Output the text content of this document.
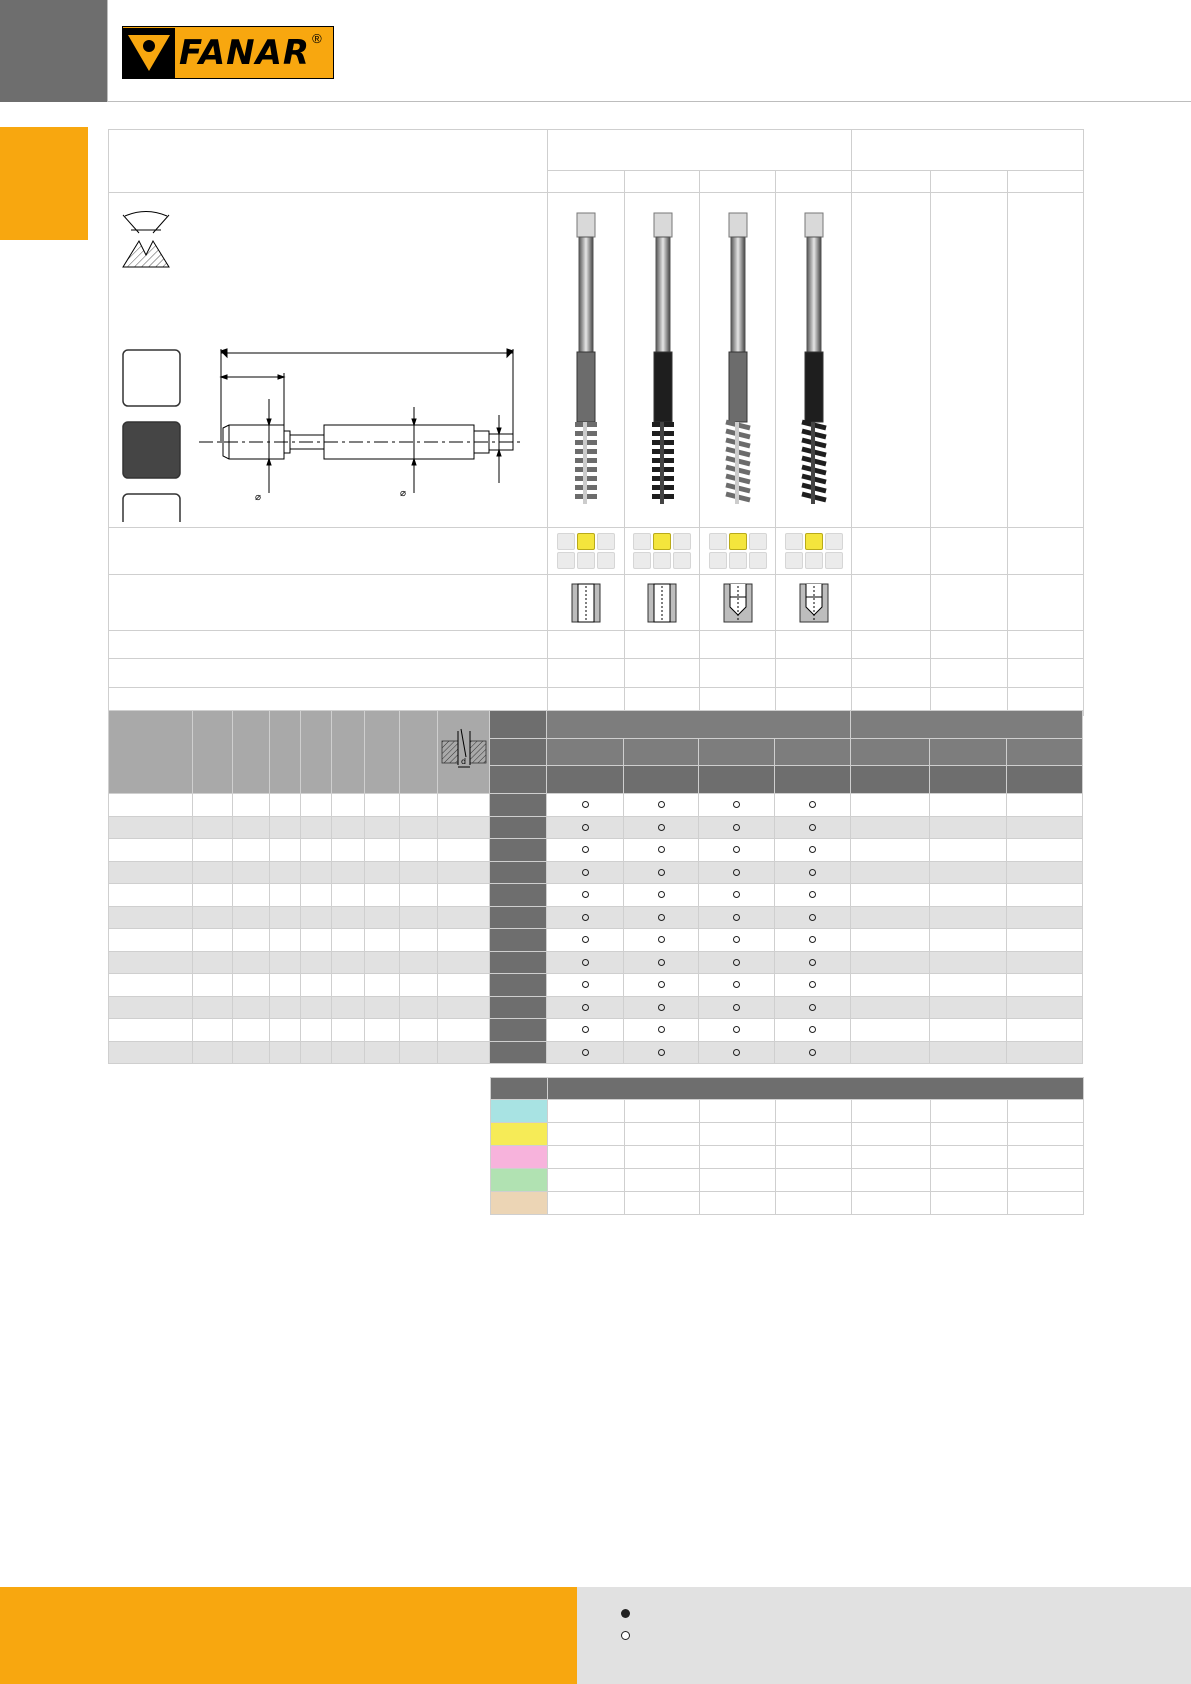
FANAR ®

⌀ ⌀

d								
